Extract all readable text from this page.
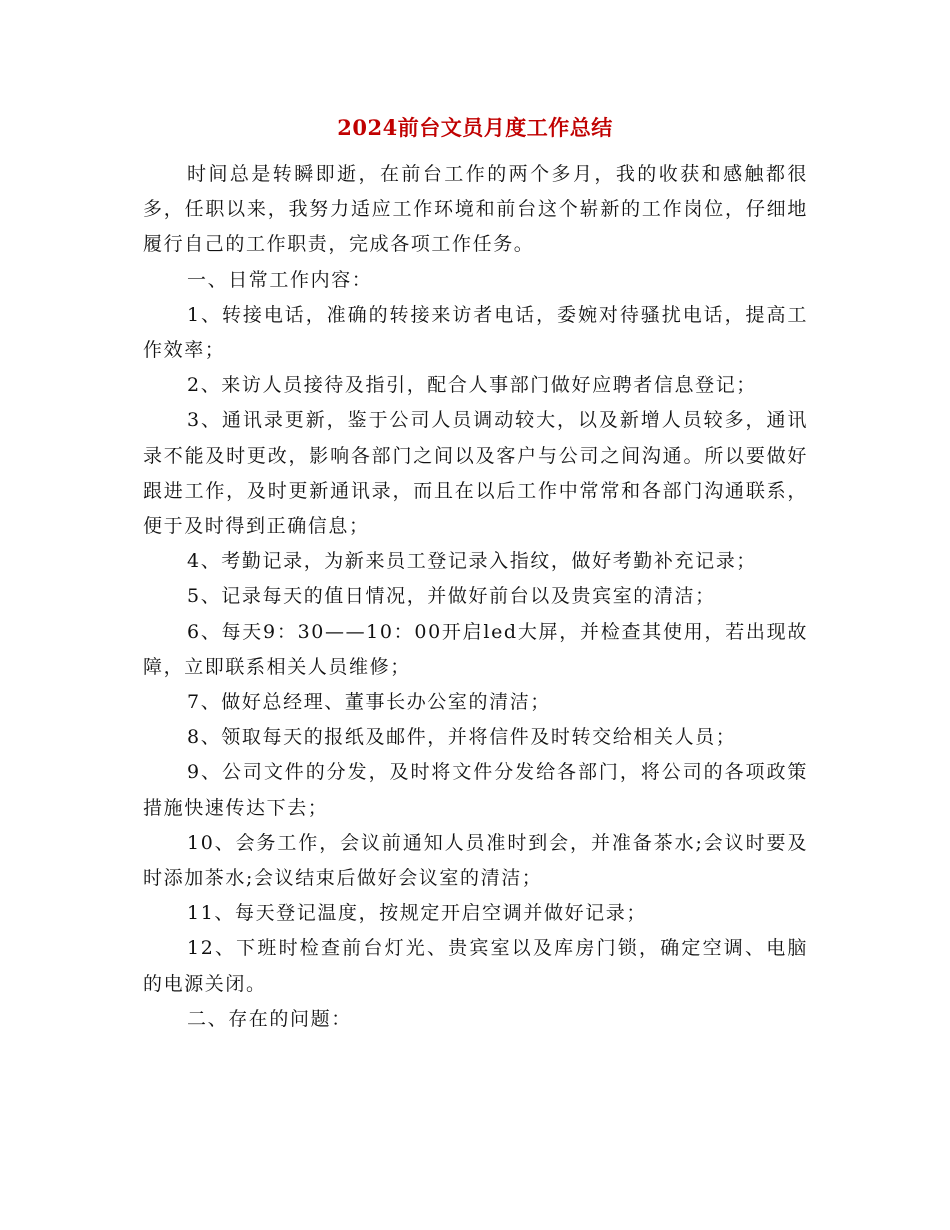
2024前台文员月度工作总结

时间总是转瞬即逝，在前台工作的两个多月，我的收获和感触都很多，任职以来，我努力适应工作环境和前台这个崭新的工作岗位，仔细地履行自己的工作职责，完成各项工作任务。

一、日常工作内容：

1、转接电话，准确的转接来访者电话，委婉对待骚扰电话，提高工作效率；

2、来访人员接待及指引，配合人事部门做好应聘者信息登记；

3、通讯录更新，鉴于公司人员调动较大，以及新增人员较多，通讯录不能及时更改，影响各部门之间以及客户与公司之间沟通。所以要做好跟进工作，及时更新通讯录，而且在以后工作中常常和各部门沟通联系，便于及时得到正确信息；

4、考勤记录，为新来员工登记录入指纹，做好考勤补充记录；

5、记录每天的值日情况，并做好前台以及贵宾室的清洁；

6、每天9：30——10：00开启led大屏，并检查其使用，若出现故障，立即联系相关人员维修；

7、做好总经理、董事长办公室的清洁；

8、领取每天的报纸及邮件，并将信件及时转交给相关人员；

9、公司文件的分发，及时将文件分发给各部门，将公司的各项政策措施快速传达下去；

10、会务工作，会议前通知人员准时到会，并准备茶水;会议时要及时添加茶水;会议结束后做好会议室的清洁；

11、每天登记温度，按规定开启空调并做好记录；

12、下班时检查前台灯光、贵宾室以及库房门锁，确定空调、电脑的电源关闭。

二、存在的问题：
